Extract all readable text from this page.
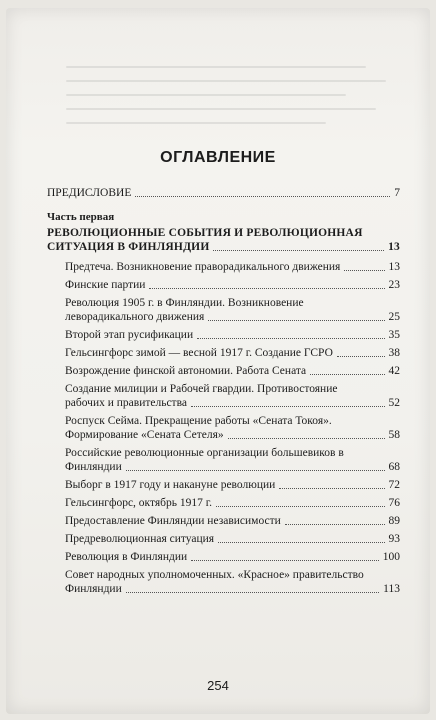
ОГЛАВЛЕНИЕ
ПРЕДИСЛОВИЕ	7
Часть первая
РЕВОЛЮЦИОННЫЕ СОБЫТИЯ И РЕВОЛЮЦИОННАЯ СИТУАЦИЯ В ФИНЛЯНДИИ	13
Предтеча. Возникновение праворадикального движения	13
Финские партии	23
Революция 1905 г. в Финляндии. Возникновение леворадикального движения	25
Второй этап русификации	35
Гельсингфорс зимой — весной 1917 г. Создание ГСРО	38
Возрождение финской автономии. Работа Сената	42
Создание милиции и Рабочей гвардии. Противостояние рабочих и правительства	52
Роспуск Сейма. Прекращение работы «Сената Токоя». Формирование «Сената Сетеля»	58
Российские революционные организации большевиков в Финляндии	68
Выборг в 1917 году и накануне революции	72
Гельсингфорс, октябрь 1917 г.	76
Предоставление Финляндии независимости	89
Предреволюционная ситуация	93
Революция в Финляндии	100
Совет народных уполномоченных. «Красное» правительство Финляндии	113
254
